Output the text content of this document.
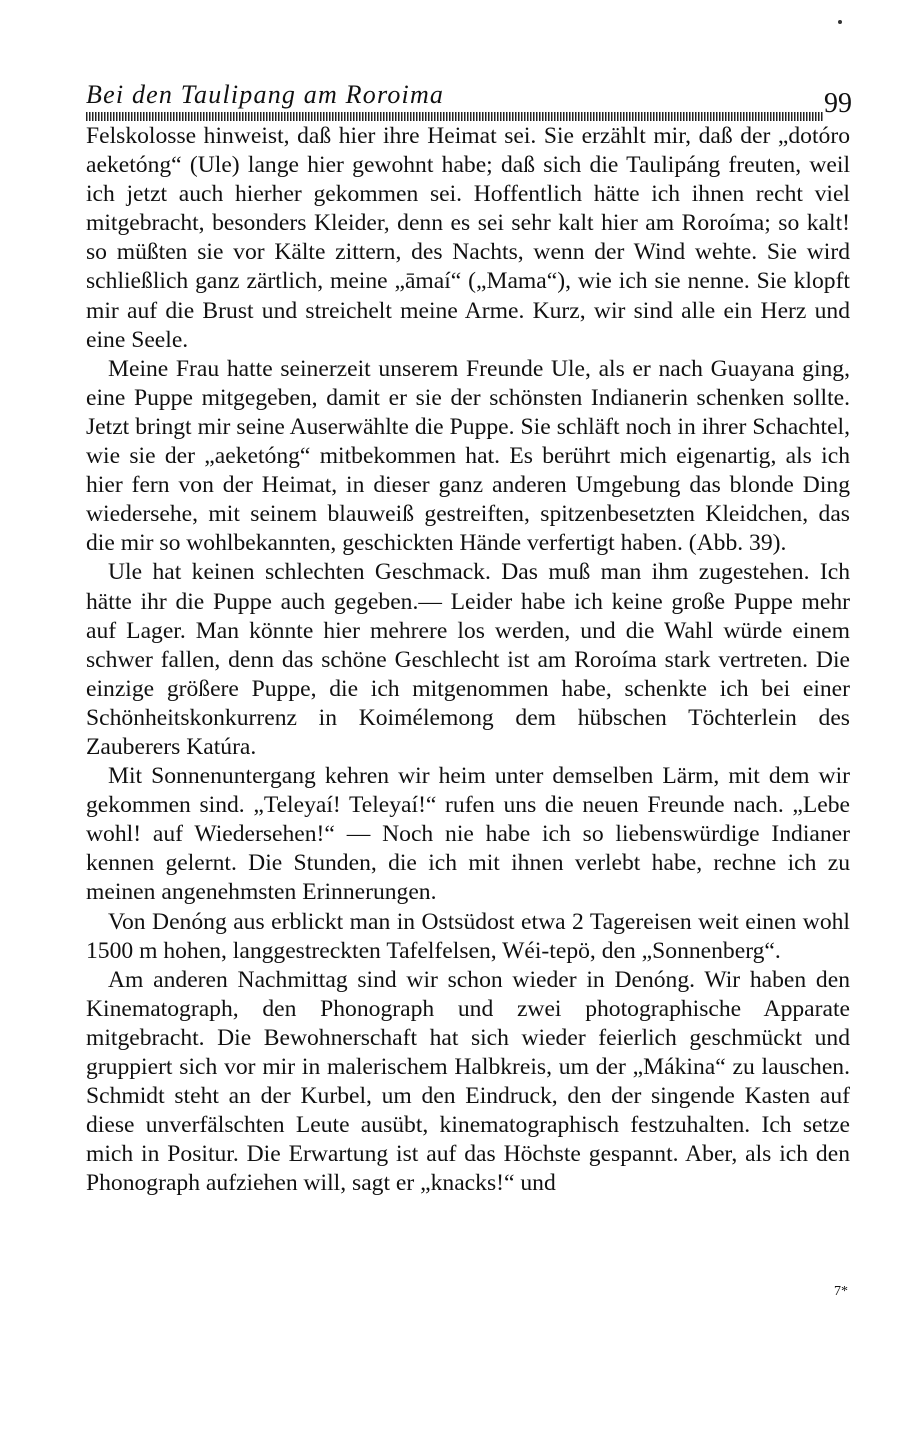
Bei den Taulipang am Roroima	99

Felskolosse hinweist, daß hier ihre Heimat sei. Sie erzählt mir, daß der „dotóro aeketóng“ (Ule) lange hier gewohnt habe; daß sich die Taulipáng freuten, weil ich jetzt auch hierher gekommen sei. Hoffentlich hätte ich ihnen recht viel mitgebracht, besonders Kleider, denn es sei sehr kalt hier am Roroíma; so kalt! so müßten sie vor Kälte zittern, des Nachts, wenn der Wind wehte. Sie wird schließlich ganz zärtlich, meine „āmaí“ („Mama“), wie ich sie nenne. Sie klopft mir auf die Brust und streichelt meine Arme. Kurz, wir sind alle ein Herz und eine Seele.

Meine Frau hatte seinerzeit unserem Freunde Ule, als er nach Guayana ging, eine Puppe mitgegeben, damit er sie der schönsten Indianerin schenken sollte. Jetzt bringt mir seine Auserwählte die Puppe. Sie schläft noch in ihrer Schachtel, wie sie der „aeketóng“ mitbekommen hat. Es berührt mich eigenartig, als ich hier fern von der Heimat, in dieser ganz anderen Umgebung das blonde Ding wiedersehe, mit seinem blauweiß gestreiften, spitzenbesetzten Kleidchen, das die mir so wohlbekannten, geschickten Hände verfertigt haben. (Abb. 39).

Ule hat keinen schlechten Geschmack. Das muß man ihm zugestehen. Ich hätte ihr die Puppe auch gegeben.— Leider habe ich keine große Puppe mehr auf Lager. Man könnte hier mehrere los werden, und die Wahl würde einem schwer fallen, denn das schöne Geschlecht ist am Roroíma stark vertreten. Die einzige größere Puppe, die ich mitgenommen habe, schenkte ich bei einer Schönheitskonkurrenz in Koimélemong dem hübschen Töchterlein des Zauberers Katúra.

Mit Sonnenuntergang kehren wir heim unter demselben Lärm, mit dem wir gekommen sind. „Teleyaí! Teleyaí!“ rufen uns die neuen Freunde nach. „Lebe wohl! auf Wiedersehen!“ — Noch nie habe ich so liebenswürdige Indianer kennen gelernt. Die Stunden, die ich mit ihnen verlebt habe, rechne ich zu meinen angenehmsten Erinnerungen.

Von Denóng aus erblickt man in Ostsüdost etwa 2 Tagereisen weit einen wohl 1500 m hohen, langgestreckten Tafelfelsen, Wéi-tepö, den „Sonnenberg“.

Am anderen Nachmittag sind wir schon wieder in Denóng. Wir haben den Kinematograph, den Phonograph und zwei photographische Apparate mitgebracht. Die Bewohnerschaft hat sich wieder feierlich geschmückt und gruppiert sich vor mir in malerischem Halbkreis, um der „Mákina“ zu lauschen. Schmidt steht an der Kurbel, um den Eindruck, den der singende Kasten auf diese unverfälschten Leute ausübt, kinematographisch festzuhalten. Ich setze mich in Positur. Die Erwartung ist auf das Höchste gespannt. Aber, als ich den Phonograph aufziehen will, sagt er „knacks!“ und

7*
